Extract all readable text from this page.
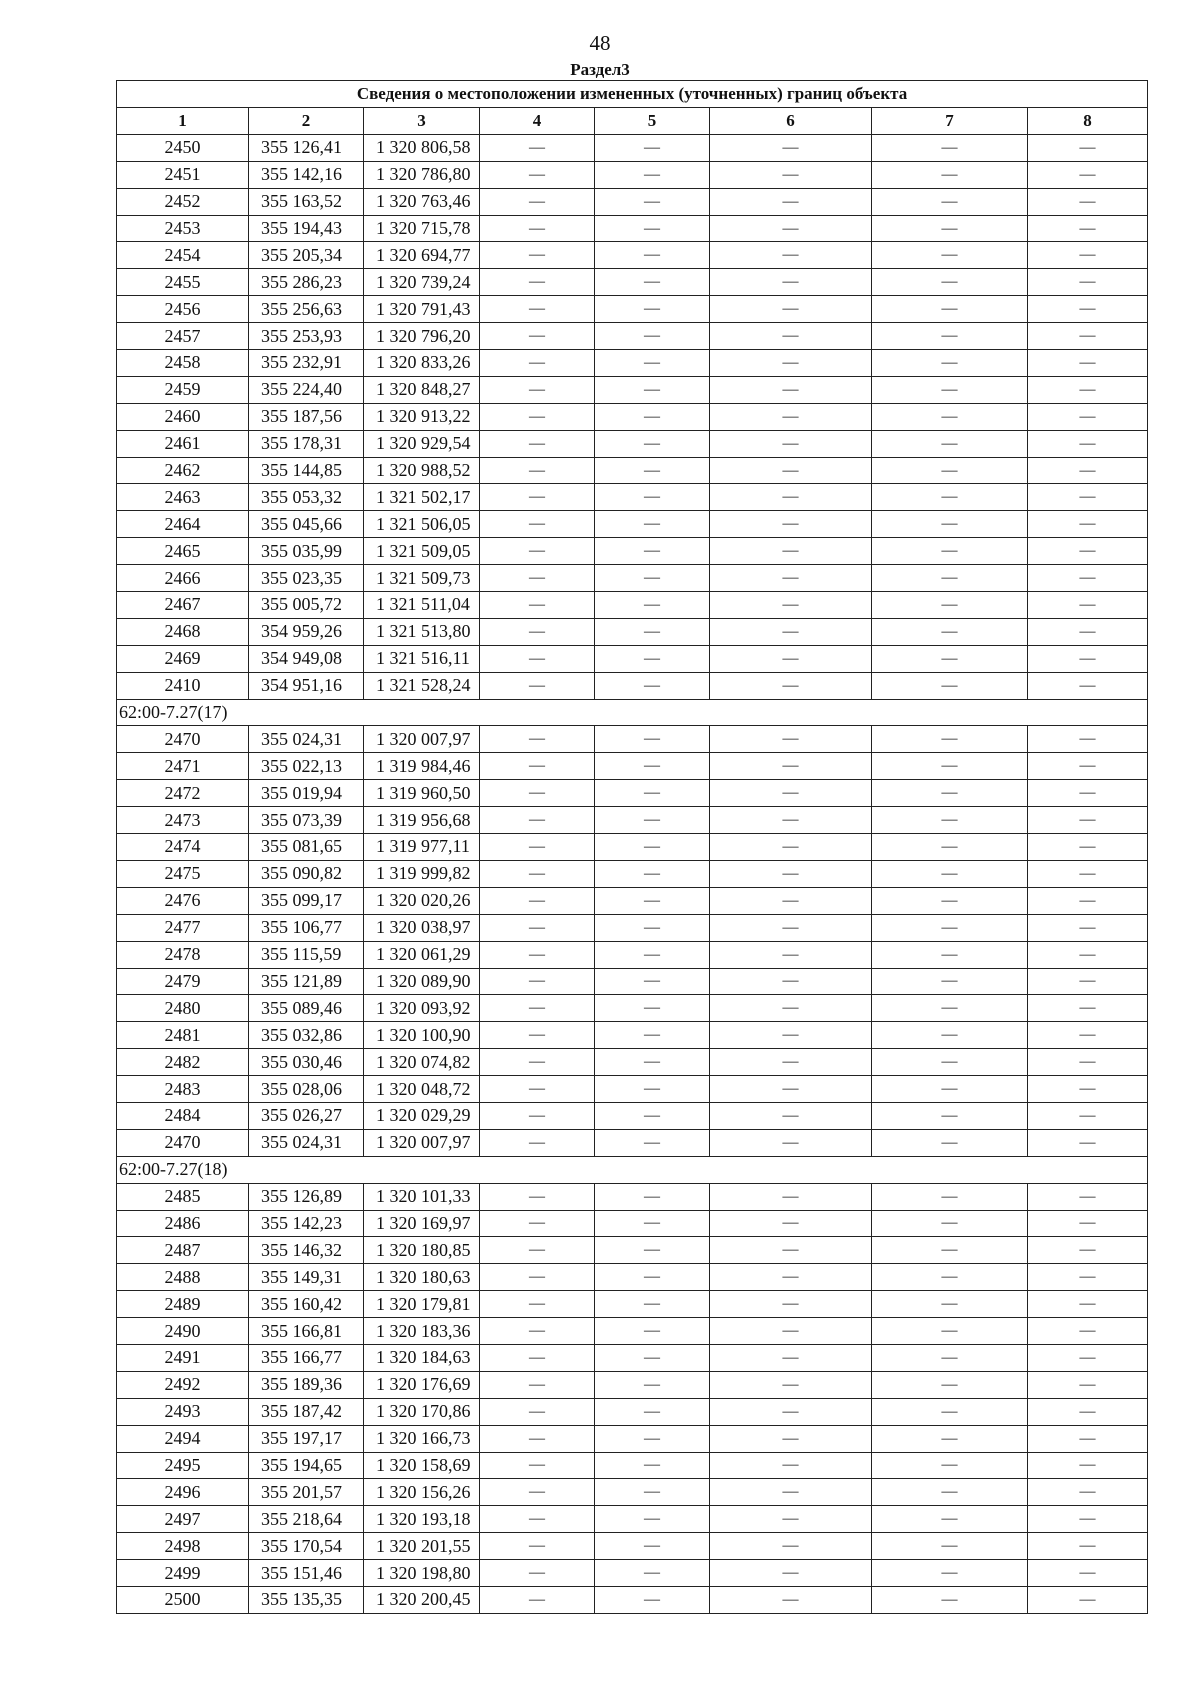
48
Раздел3
Сведения о местоположении измененных (уточненных) границ объекта							
1	2	3	4	5	6	7	8
2450	355 126,41	1 320 806,58	—	—	—	—	—
2451	355 142,16	1 320 786,80	—	—	—	—	—
2452	355 163,52	1 320 763,46	—	—	—	—	—
2453	355 194,43	1 320 715,78	—	—	—	—	—
2454	355 205,34	1 320 694,77	—	—	—	—	—
2455	355 286,23	1 320 739,24	—	—	—	—	—
2456	355 256,63	1 320 791,43	—	—	—	—	—
2457	355 253,93	1 320 796,20	—	—	—	—	—
2458	355 232,91	1 320 833,26	—	—	—	—	—
2459	355 224,40	1 320 848,27	—	—	—	—	—
2460	355 187,56	1 320 913,22	—	—	—	—	—
2461	355 178,31	1 320 929,54	—	—	—	—	—
2462	355 144,85	1 320 988,52	—	—	—	—	—
2463	355 053,32	1 321 502,17	—	—	—	—	—
2464	355 045,66	1 321 506,05	—	—	—	—	—
2465	355 035,99	1 321 509,05	—	—	—	—	—
2466	355 023,35	1 321 509,73	—	—	—	—	—
2467	355 005,72	1 321 511,04	—	—	—	—	—
2468	354 959,26	1 321 513,80	—	—	—	—	—
2469	354 949,08	1 321 516,11	—	—	—	—	—
2410	354 951,16	1 321 528,24	—	—	—	—	—
62:00-7.27(17)							
2470	355 024,31	1 320 007,97	—	—	—	—	—
2471	355 022,13	1 319 984,46	—	—	—	—	—
2472	355 019,94	1 319 960,50	—	—	—	—	—
2473	355 073,39	1 319 956,68	—	—	—	—	—
2474	355 081,65	1 319 977,11	—	—	—	—	—
2475	355 090,82	1 319 999,82	—	—	—	—	—
2476	355 099,17	1 320 020,26	—	—	—	—	—
2477	355 106,77	1 320 038,97	—	—	—	—	—
2478	355 115,59	1 320 061,29	—	—	—	—	—
2479	355 121,89	1 320 089,90	—	—	—	—	—
2480	355 089,46	1 320 093,92	—	—	—	—	—
2481	355 032,86	1 320 100,90	—	—	—	—	—
2482	355 030,46	1 320 074,82	—	—	—	—	—
2483	355 028,06	1 320 048,72	—	—	—	—	—
2484	355 026,27	1 320 029,29	—	—	—	—	—
2470	355 024,31	1 320 007,97	—	—	—	—	—
62:00-7.27(18)							
2485	355 126,89	1 320 101,33	—	—	—	—	—
2486	355 142,23	1 320 169,97	—	—	—	—	—
2487	355 146,32	1 320 180,85	—	—	—	—	—
2488	355 149,31	1 320 180,63	—	—	—	—	—
2489	355 160,42	1 320 179,81	—	—	—	—	—
2490	355 166,81	1 320 183,36	—	—	—	—	—
2491	355 166,77	1 320 184,63	—	—	—	—	—
2492	355 189,36	1 320 176,69	—	—	—	—	—
2493	355 187,42	1 320 170,86	—	—	—	—	—
2494	355 197,17	1 320 166,73	—	—	—	—	—
2495	355 194,65	1 320 158,69	—	—	—	—	—
2496	355 201,57	1 320 156,26	—	—	—	—	—
2497	355 218,64	1 320 193,18	—	—	—	—	—
2498	355 170,54	1 320 201,55	—	—	—	—	—
2499	355 151,46	1 320 198,80	—	—	—	—	—
2500	355 135,35	1 320 200,45	—	—	—	—	—
